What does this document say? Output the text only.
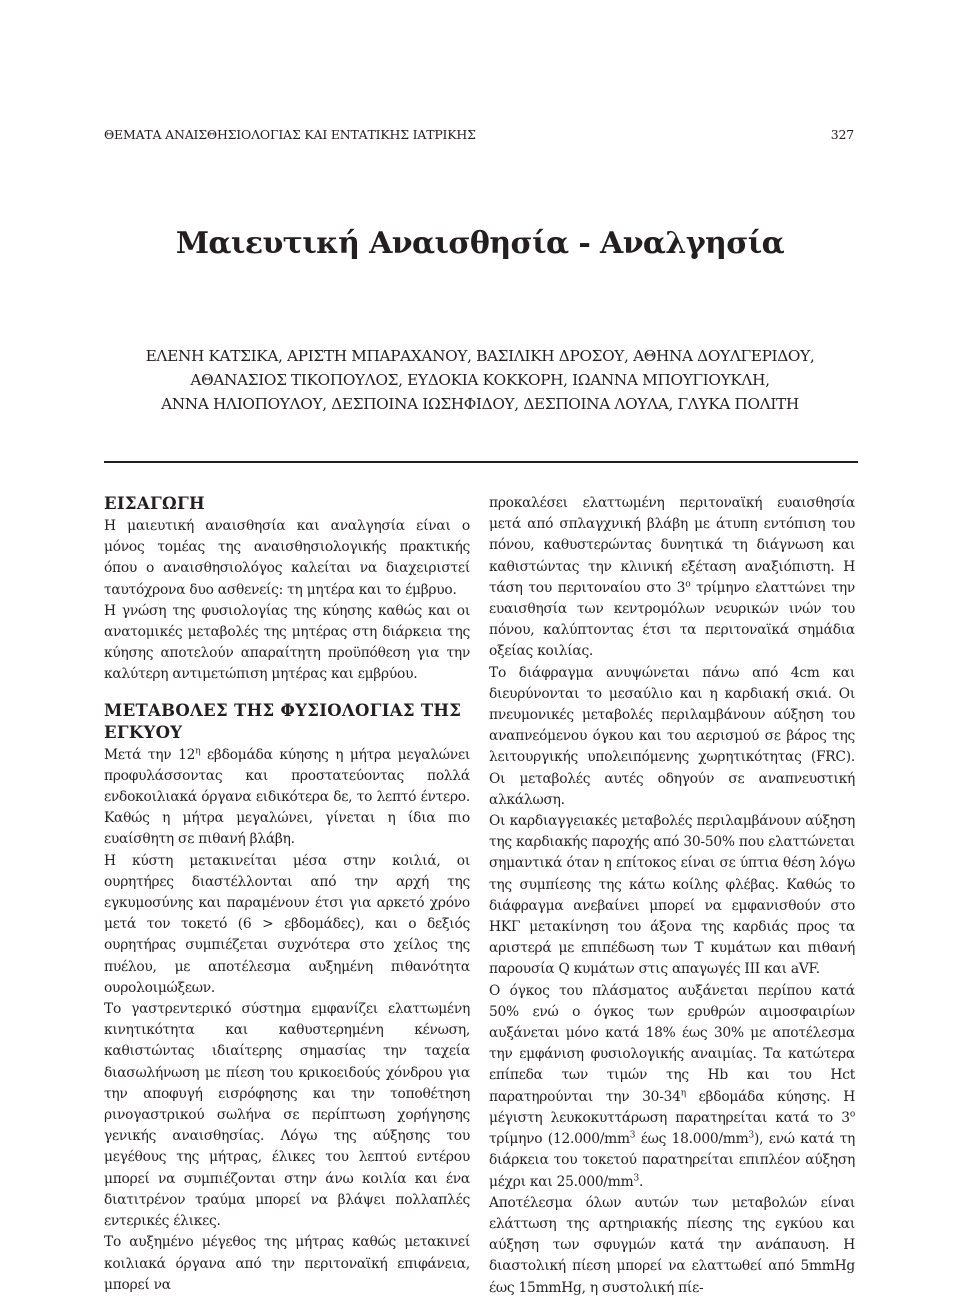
ΘΕΜΑΤΑ ΑΝΑΙΣΘΗΣΙΟΛΟΓΙΑΣ ΚΑΙ ΕΝΤΑΤΙΚΗΣ ΙΑΤΡΙΚΗΣ	327
Μαιευτική Αναισθησία - Αναλγησία
ΕΛΕΝΗ ΚΑΤΣΙΚΑ, ΑΡΙΣΤΗ ΜΠΑΡΑΧΑΝΟΥ, ΒΑΣΙΛΙΚΗ ΔΡΟΣΟΥ, ΑΘΗΝΑ ΔΟΥΛΓΕΡΙΔΟΥ,
ΑΘΑΝΑΣΙΟΣ ΤΙΚΟΠΟΥΛΟΣ, ΕΥΔΟΚΙΑ ΚΟΚΚΟΡΗ, ΙΩΑΝΝΑ ΜΠΟΥΓΙΟΥΚΛΗ,
ΑΝΝΑ ΗΛΙΟΠΟΥΛΟΥ, ΔΕΣΠΟΙΝΑ ΙΩΣΗΦΙΔΟΥ, ΔΕΣΠΟΙΝΑ ΛΟΥΛΑ, ΓΛΥΚΑ ΠΟΛΙΤΗ
ΕΙΣΑΓΩΓΗ

Η μαιευτική αναισθησία και αναλγησία είναι ο μόνος τομέας της αναισθησιολογικής πρακτικής όπου ο αναισθησιολόγος καλείται να διαχειριστεί ταυτόχρονα δυο ασθενείς: τη μητέρα και το έμβρυο.

Η γνώση της φυσιολογίας της κύησης καθώς και οι ανατομικές μεταβολές της μητέρας στη διάρκεια της κύησης αποτελούν απαραίτητη προϋπόθεση για την καλύτερη αντιμετώπιση μητέρας και εμβρύου.

ΜΕΤΑΒΟΛΕΣ ΤΗΣ ΦΥΣΙΟΛΟΓΙΑΣ ΤΗΣ ΕΓΚΥΟΥ

Μετά την $12^\eta$ εβδομάδα κύησης η μήτρα μεγαλώνει προφυλάσσοντας και προστατεύοντας πολλά ενδοκοιλιακά όργανα ειδικότερα δε, το λεπτό έντερο. Καθώς η μήτρα μεγαλώνει, γίνεται η ίδια πιο ευαίσθητη σε πιθανή βλάβη.

Η κύστη μετακινείται μέσα στην κοιλιά, οι ουρητήρες διαστέλλονται από την αρχή της εγκυμοσύνης και παραμένουν έτσι για αρκετό χρόνο μετά τον τοκετό (6 > εβδομάδες), και ο δεξιός ουρητήρας συμπιέζεται συχνότερα στο χείλος της πυέλου, με αποτέλεσμα αυξημένη πιθανότητα ουρολοιμώξεων.

Το γαστρεντερικό σύστημα εμφανίζει ελαττωμένη κινητικότητα και καθυστερημένη κένωση, καθιστώντας ιδιαίτερης σημασίας την ταχεία διασωλήνωση με πίεση του κρικοειδούς χόνδρου για την αποφυγή εισρόφησης και την τοποθέτηση ρινογαστρικού σωλήνα σε περίπτωση χορήγησης γενικής αναισθησίας. Λόγω της αύξησης του μεγέθους της μήτρας, έλικες του λεπτού εντέρου μπορεί να συμπιέζονται στην άνω κοιλία και ένα διατιτρένον τραύμα μπορεί να βλάψει πολλαπλές εντερικές έλικες.

Το αυξημένο μέγεθος της μήτρας καθώς μετακινεί κοιλιακά όργανα από την περιτοναϊκή επιφάνεια, μπορεί να

προκαλέσει ελαττωμένη περιτοναϊκή ευαισθησία μετά από σπλαγχνική βλάβη με άτυπη εντόπιση του πόνου, καθυστερώντας δυνητικά τη διάγνωση και καθιστώντας την κλινική εξέταση αναξιόπιστη. Η τάση του περιτοναίου στο $3^o$ τρίμηνο ελαττώνει την ευαισθησία των κεντρομόλων νευρικών ινών του πόνου, καλύπτοντας έτσι τα περιτοναϊκά σημάδια οξείας κοιλίας.

Το διάφραγμα ανυψώνεται πάνω από 4cm και διευρύνονται το μεσαύλιο και η καρδιακή σκιά. Οι πνευμονικές μεταβολές περιλαμβάνουν αύξηση του αναπνεόμενου όγκου και του αερισμού σε βάρος της λειτουργικής υπολειπόμενης χωρητικότητας (FRC). Οι μεταβολές αυτές οδηγούν σε αναπνευστική αλκάλωση.

Οι καρδιαγγειακές μεταβολές περιλαμβάνουν αύξηση της καρδιακής παροχής από 30-50% που ελαττώνεται σημαντικά όταν η επίτοκος είναι σε ύπτια θέση λόγω της συμπίεσης της κάτω κοίλης φλέβας. Καθώς το διάφραγμα ανεβαίνει μπορεί να εμφανισθούν στο ΗΚΓ μετακίνηση του άξονα της καρδιάς προς τα αριστερά με επιπέδωση των Τ κυμάτων και πιθανή παρουσία Q κυμάτων στις απαγωγές ΙΙΙ και aVF.

Ο όγκος του πλάσματος αυξάνεται περίπου κατά 50% ενώ ο όγκος των ερυθρών αιμοσφαιρίων αυξάνεται μόνο κατά 18% έως 30% με αποτέλεσμα την εμφάνιση φυσιολογικής αναιμίας. Τα κατώτερα επίπεδα των τιμών της Hb και του Hct παρατηρούνται την $30-34^\eta$ εβδομάδα κύησης. Η μέγιστη λευκοκυττάρωση παρατηρείται κατά το $3^o$ τρίμηνο ($12.000/mm^3$ έως $18.000/mm^3$), ενώ κατά τη διάρκεια του τοκετού παρατηρείται επιπλέον αύξηση μέχρι και $25.000/mm^3$.

Αποτέλεσμα όλων αυτών των μεταβολών είναι ελάττωση της αρτηριακής πίεσης της εγκύου και αύξηση των σφυγμών κατά την ανάπαυση. Η διαστολική πίεση μπορεί να ελαττωθεί από 5mmHg έως 15mmHg, η συστολική πίε-
